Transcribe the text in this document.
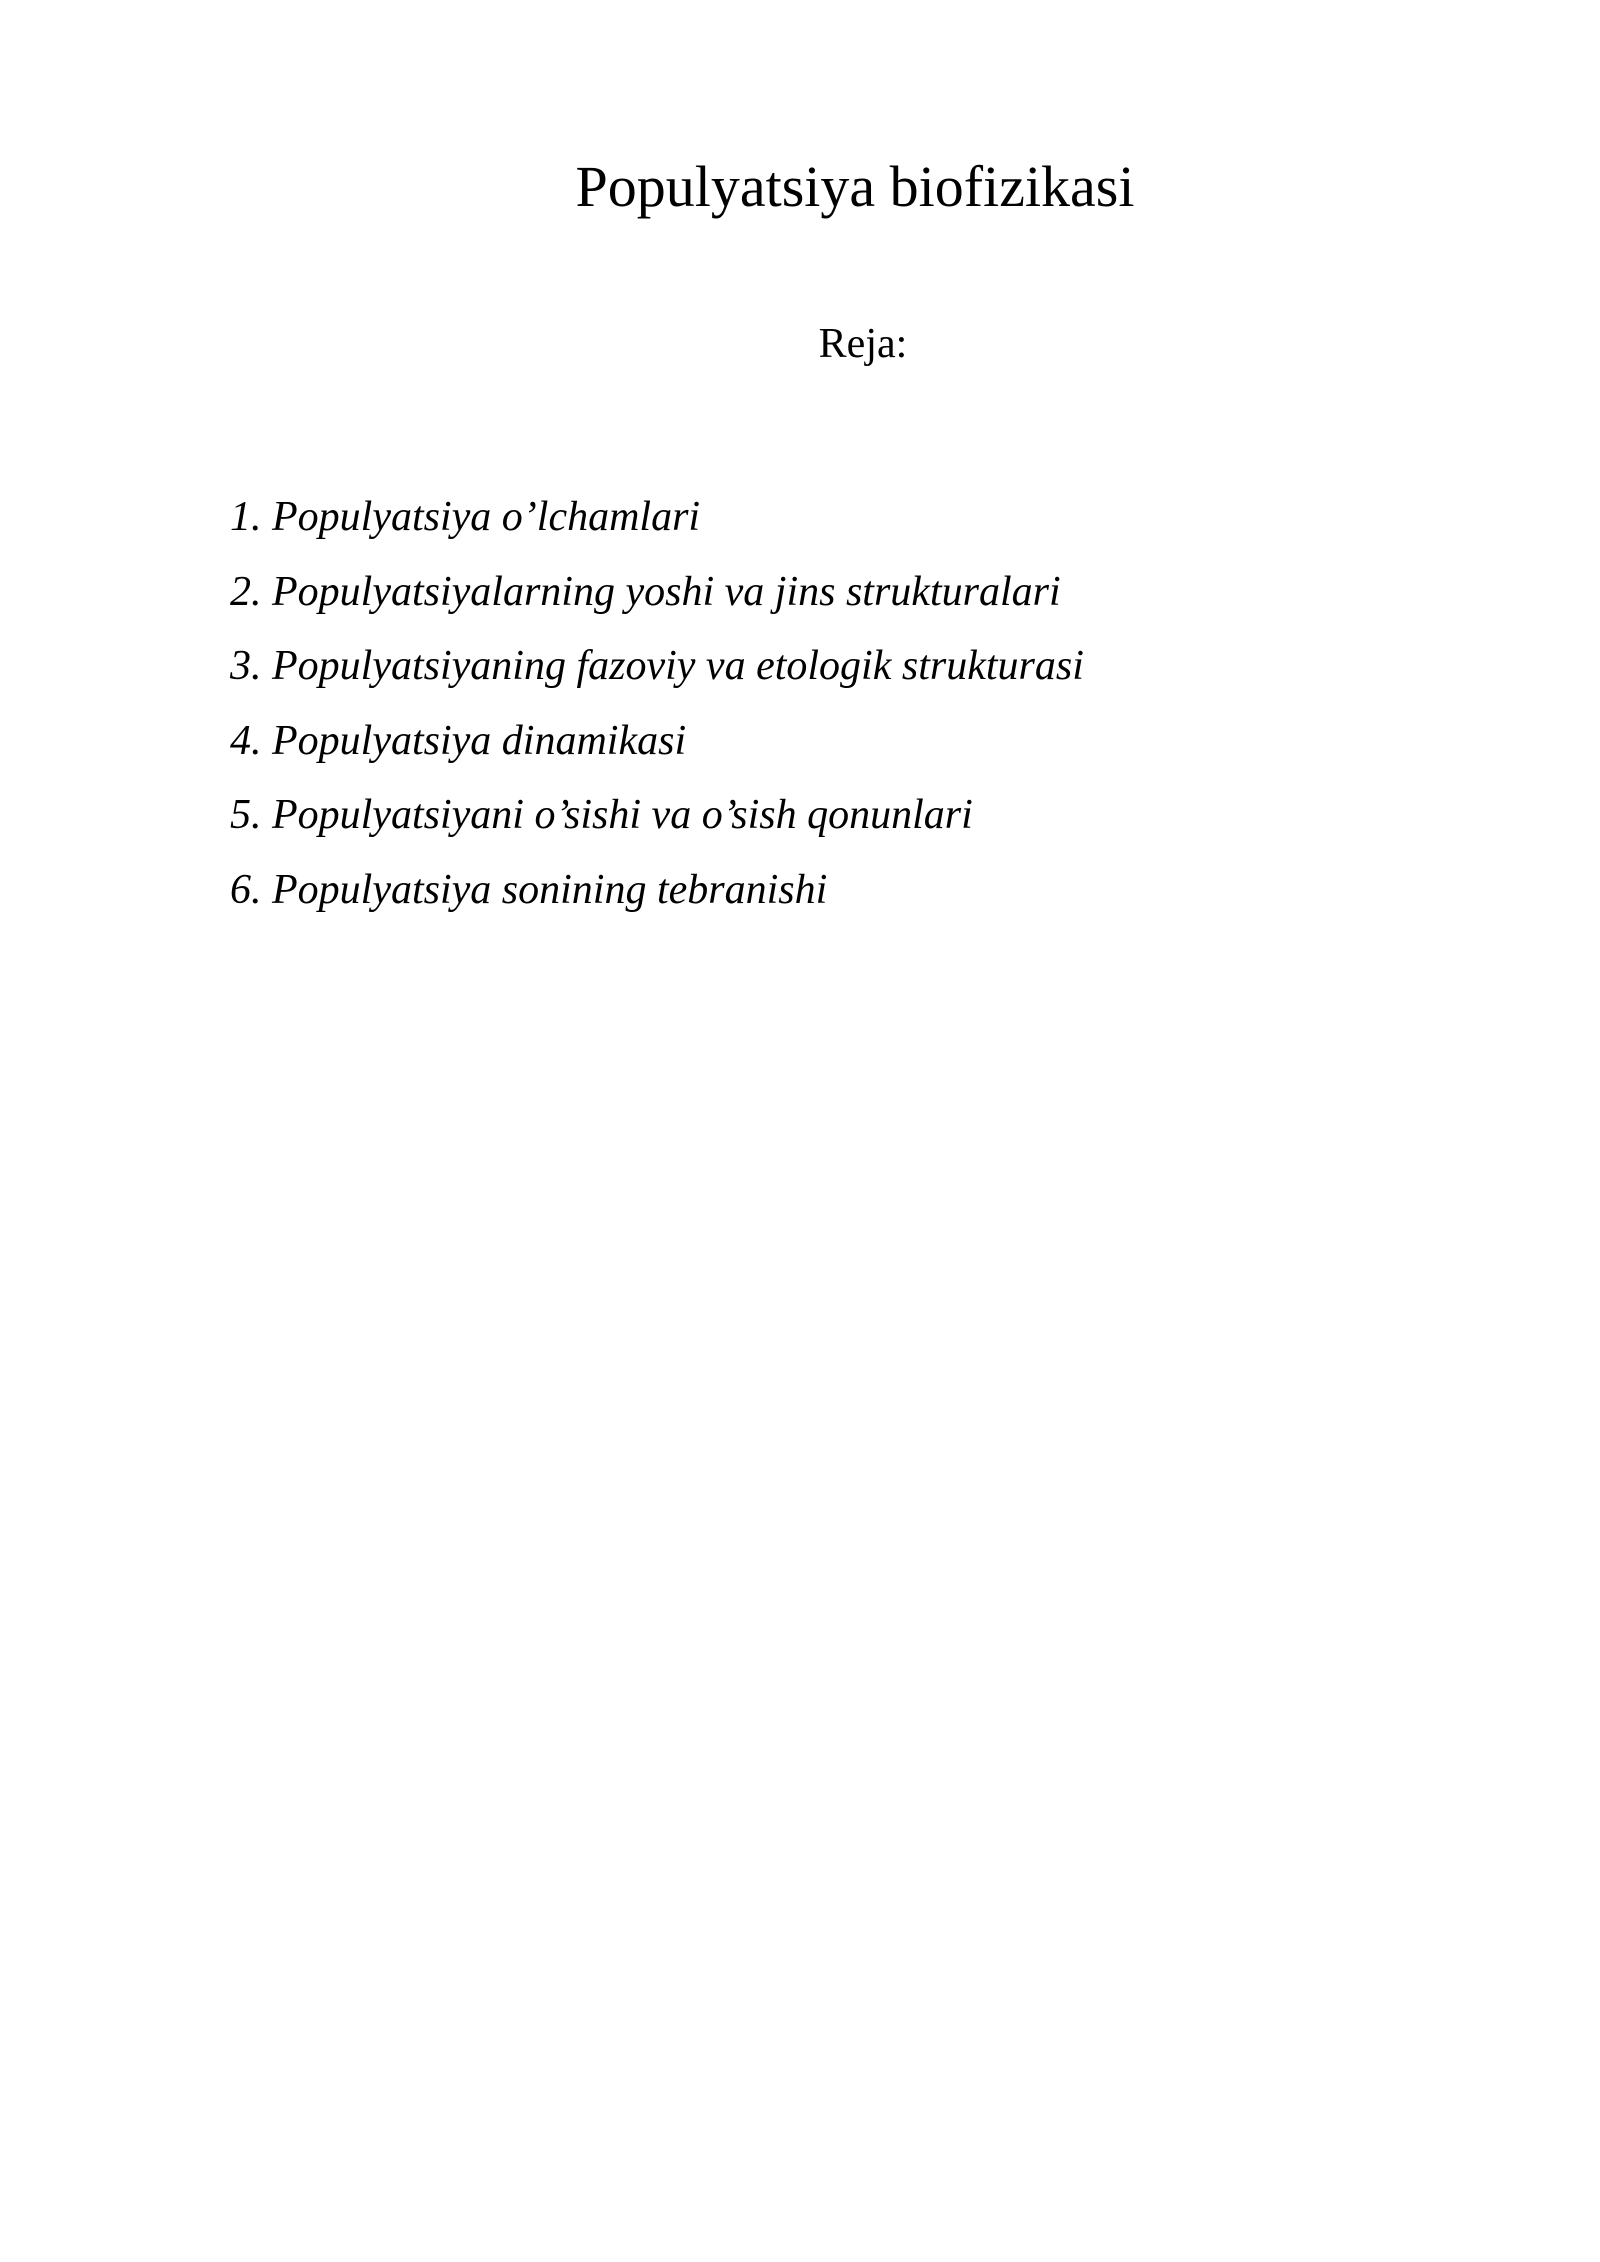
Populyatsiya biofizikasi
Reja:
1. Populyatsiya o’lchamlari
2. Populyatsiyalarning yoshi va jins strukturalari
3. Populyatsiyaning fazoviy va etologik strukturasi
4. Populyatsiya dinamikasi
5. Populyatsiyani o’sishi va o’sish qonunlari
6. Populyatsiya sonining tebranishi
